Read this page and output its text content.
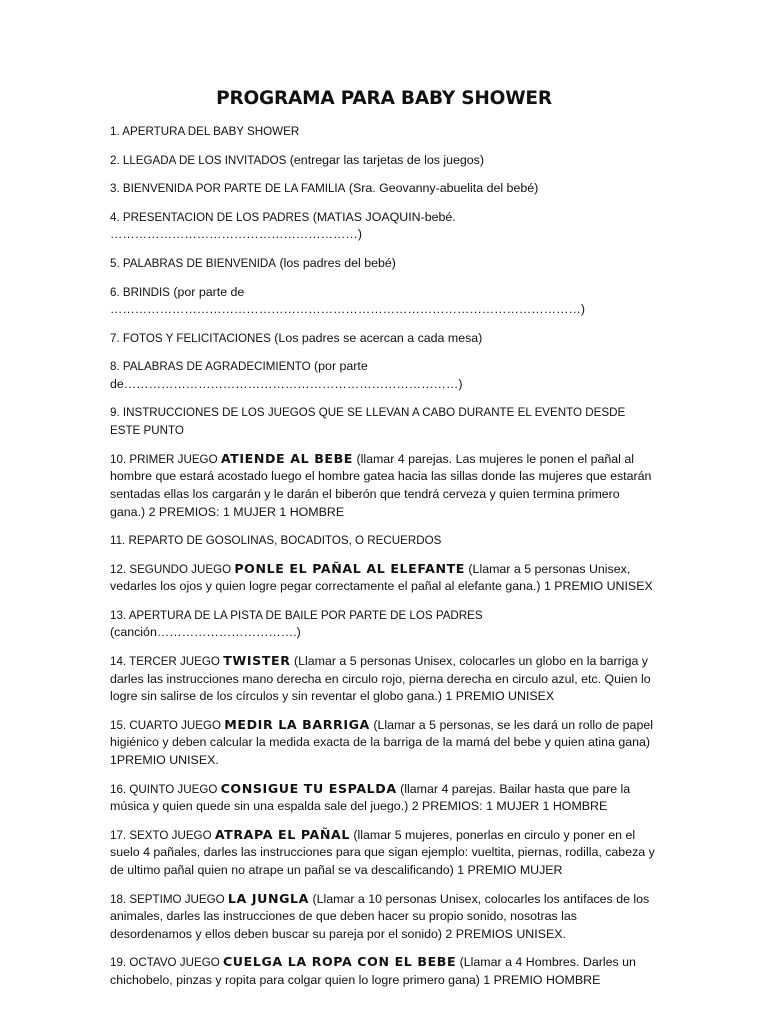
PROGRAMA PARA BABY SHOWER
1. APERTURA DEL BABY SHOWER
2. LLEGADA DE LOS INVITADOS (entregar las tarjetas de los juegos)
3. BIENVENIDA POR PARTE DE LA FAMILIA (Sra. Geovanny-abuelita del bebé)
4. PRESENTACION DE LOS PADRES (MATIAS JOAQUIN-bebé. ……………………………………………………)
5. PALABRAS DE BIENVENIDA (los padres del bebé)
6. BRINDIS (por parte de ……………………………………………………………………………………………………)
7. FOTOS Y FELICITACIONES (Los padres se acercan a cada mesa)
8. PALABRAS DE AGRADECIMIENTO (por parte de………………………………………………………………………)
9. INSTRUCCIONES DE LOS JUEGOS QUE SE LLEVAN A CABO DURANTE EL EVENTO DESDE ESTE PUNTO
10. PRIMER JUEGO ATIENDE AL BEBE (llamar 4 parejas. Las mujeres le ponen el pañal al hombre que estará acostado luego el hombre gatea hacia las sillas donde las mujeres que estarán sentadas ellas los cargarán y le darán el biberón que tendrá cerveza y quien termina primero gana.) 2 PREMIOS: 1 MUJER 1 HOMBRE
11. REPARTO DE GOSOLINAS, BOCADITOS, O RECUERDOS
12. SEGUNDO JUEGO PONLE EL PAÑAL AL ELEFANTE (Llamar a 5 personas Unisex, vedarles los ojos y quien logre pegar correctamente el pañal al elefante gana.) 1 PREMIO UNISEX
13. APERTURA DE LA PISTA DE BAILE POR PARTE DE LOS PADRES (canción…………………………….)
14. TERCER JUEGO TWISTER (Llamar a 5 personas Unisex, colocarles un globo en la barriga y darles las instrucciones mano derecha en circulo rojo, pierna derecha en circulo azul, etc. Quien lo logre sin salirse de los círculos y sin reventar el globo gana.) 1 PREMIO UNISEX
15. CUARTO JUEGO MEDIR LA BARRIGA (Llamar a 5 personas, se les dará un rollo de papel higiénico y deben calcular la medida exacta de la barriga de la mamá del bebe y quien atina gana) 1PREMIO UNISEX.
16. QUINTO JUEGO CONSIGUE TU ESPALDA (llamar 4 parejas. Bailar hasta que pare la música y quien quede sin una espalda sale del juego.) 2 PREMIOS: 1 MUJER 1 HOMBRE
17. SEXTO JUEGO ATRAPA EL PAÑAL (llamar 5 mujeres, ponerlas en circulo y poner en el suelo 4 pañales, darles las instrucciones para que sigan ejemplo: vueltita, piernas, rodilla, cabeza y de ultimo pañal quien no atrape un pañal se va descalificando) 1 PREMIO MUJER
18. SEPTIMO JUEGO LA JUNGLA (Llamar a 10 personas Unisex, colocarles los antifaces de los animales, darles las instrucciones de que deben hacer su propio sonido, nosotras las desordenamos y ellos deben buscar su pareja por el sonido) 2 PREMIOS UNISEX.
19. OCTAVO JUEGO CUELGA LA ROPA CON EL BEBE (Llamar a 4 Hombres. Darles un chichobelo, pinzas y ropita para colgar quien lo logre primero gana) 1 PREMIO HOMBRE
